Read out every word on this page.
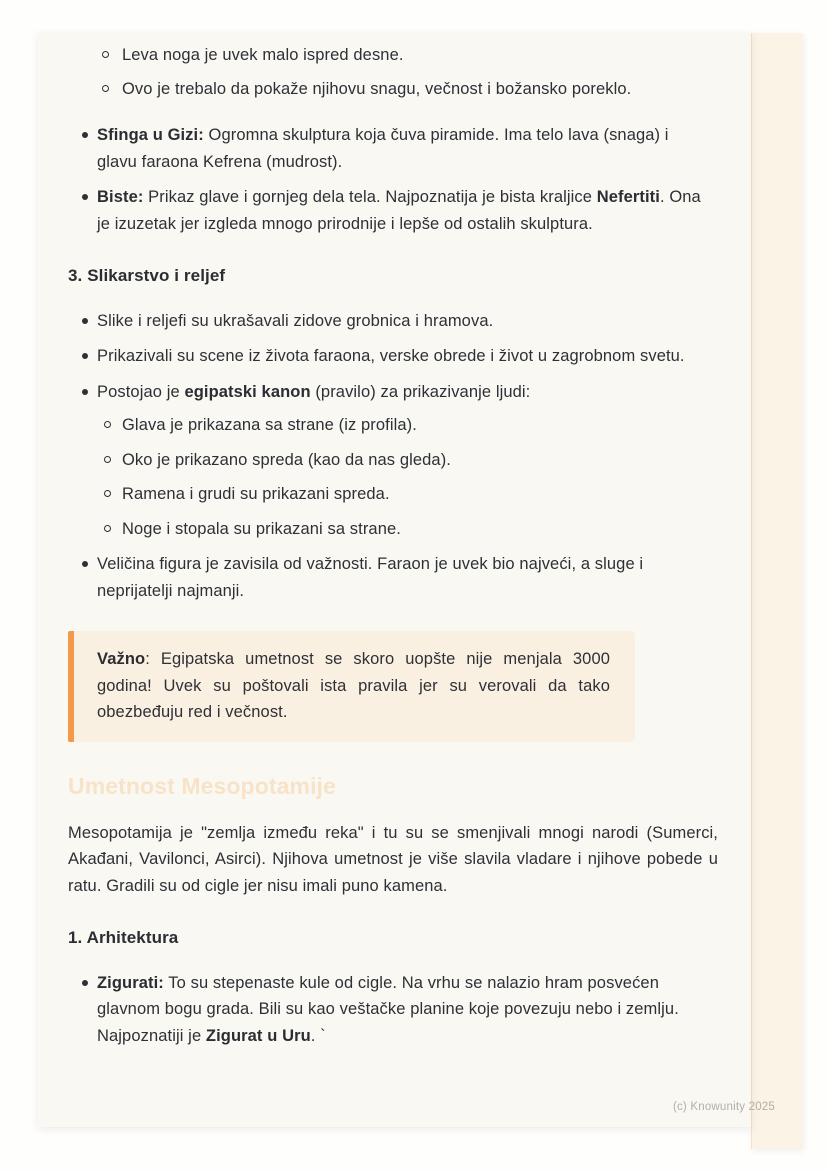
Leva noga je uvek malo ispred desne.
Ovo je trebalo da pokaže njihovu snagu, večnost i božansko poreklo.
Sfinga u Gizi: Ogromna skulptura koja čuva piramide. Ima telo lava (snaga) i glavu faraona Kefrena (mudrost).
Biste: Prikaz glave i gornjeg dela tela. Najpoznatija je bista kraljice Nefertiti. Ona je izuzetak jer izgleda mnogo prirodnije i lepše od ostalih skulptura.
3. Slikarstvo i reljef
Slike i reljefi su ukrašavali zidove grobnica i hramova.
Prikazivali su scene iz života faraona, verske obrede i život u zagrobnom svetu.
Postojao je egipatski kanon (pravilo) za prikazivanje ljudi:
Glava je prikazana sa strane (iz profila).
Oko je prikazano spreda (kao da nas gleda).
Ramena i grudi su prikazani spreda.
Noge i stopala su prikazani sa strane.
Veličina figura je zavisila od važnosti. Faraon je uvek bio najveći, a sluge i neprijatelji najmanji.

Važno: Egipatska umetnost se skoro uopšte nije menjala 3000 godina! Uvek su poštovali ista pravila jer su verovali da tako obezbeđuju red i večnost.

Umetnost Mesopotamije

Mesopotamija je "zemlja između reka" i tu su se smenjivali mnogi narodi (Sumerci, Akađani, Vavilonci, Asirci). Njihova umetnost je više slavila vladare i njihove pobede u ratu. Gradili su od cigle jer nisu imali puno kamena.

1. Arhitektura
Zigurati: To su stepenaste kule od cigle. Na vrhu se nalazio hram posvećen glavnom bogu grada. Bili su kao veštačke planine koje povezuju nebo i zemlju. Najpoznatiji je Zigurat u Uru. `
(c) Knowunity 2025
